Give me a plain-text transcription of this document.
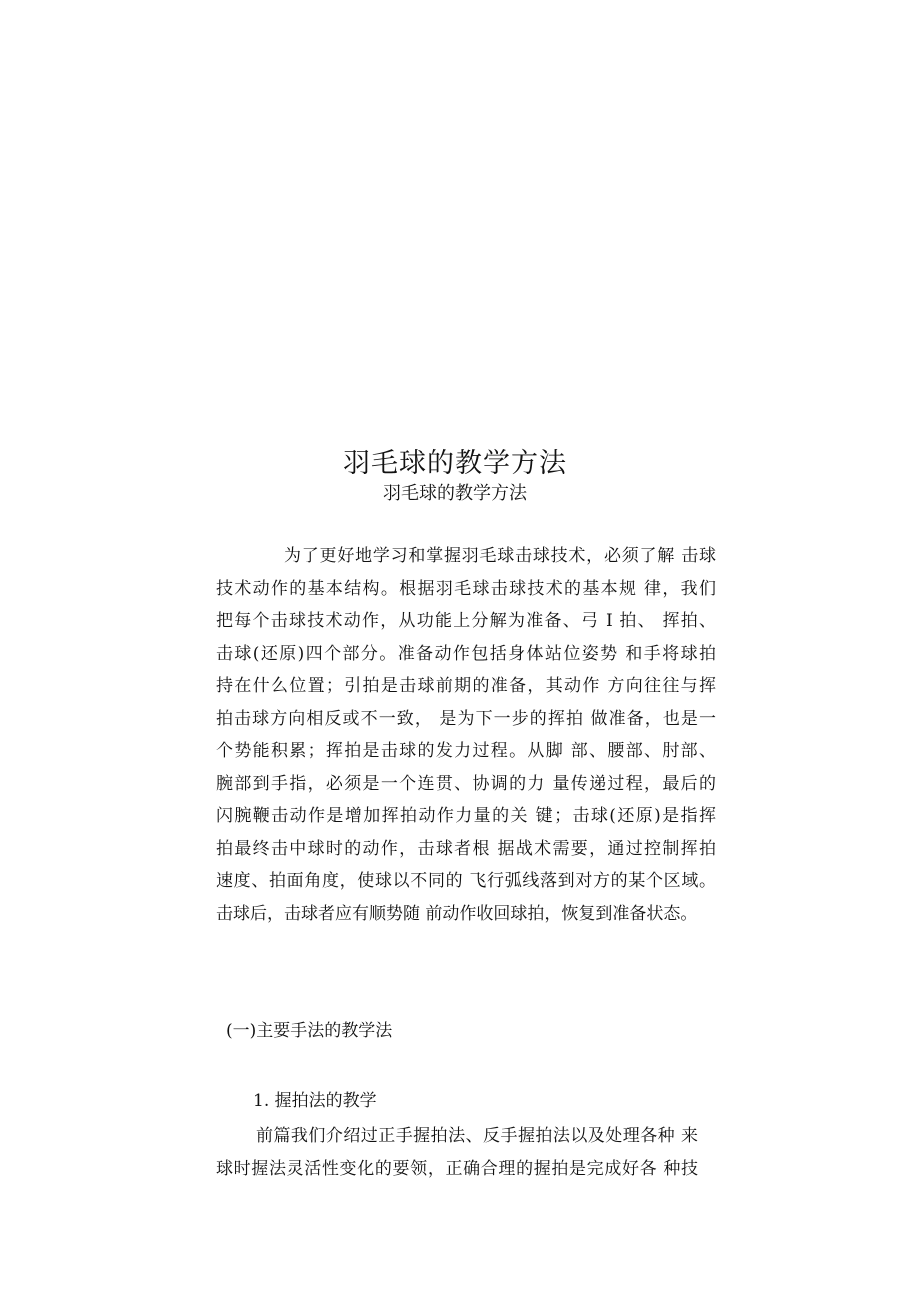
羽毛球的教学方法
羽毛球的教学方法
为了更好地学习和掌握羽毛球击球技术，必须了解 击球
技术动作的基本结构。根据羽毛球击球技术的基本规 律，我们
把每个击球技术动作，从功能上分解为准备、弓 I 拍、 挥拍、
击球(还原)四个部分。准备动作包括身体站位姿势 和手将球拍
持在什么位置；引拍是击球前期的准备，其动作 方向往往与挥
拍击球方向相反或不一致， 是为下一步的挥拍 做准备，也是一
个势能积累；挥拍是击球的发力过程。从脚 部、腰部、肘部、
腕部到手指，必须是一个连贯、协调的力 量传递过程，最后的
闪腕鞭击动作是增加挥拍动作力量的关 键；击球(还原)是指挥
拍最终击中球时的动作，击球者根 据战术需要，通过控制挥拍
速度、拍面角度，使球以不同的 飞行弧线落到对方的某个区域。
击球后，击球者应有顺势随 前动作收回球拍，恢复到准备状态。
(一)主要手法的教学法
1. 握拍法的教学
前篇我们介绍过正手握拍法、反手握拍法以及处理各种 来
球时握法灵活性变化的要领，正确合理的握拍是完成好各 种技
